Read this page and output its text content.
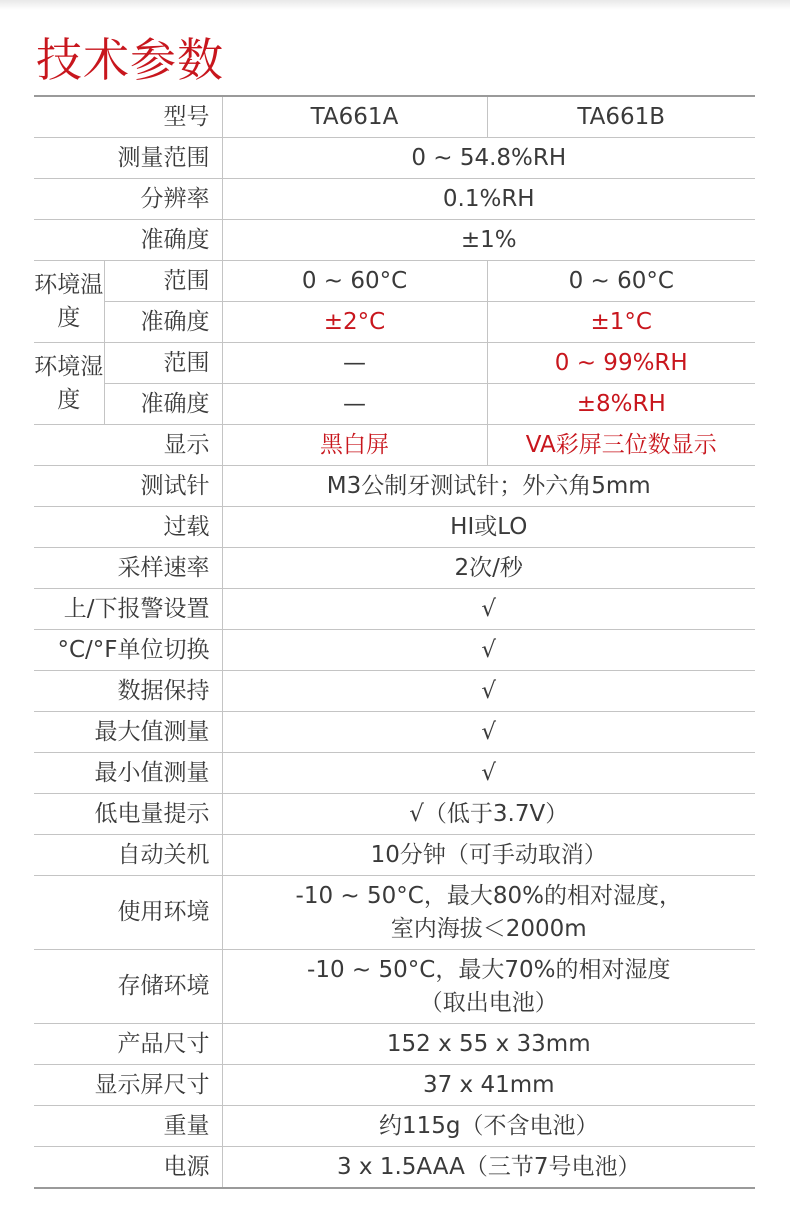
技术参数
型号		TA661A	TA661B
测量范围		0 ~ 54.8%RH	
分辨率		0.1%RH	
准确度		±1%	
环境温度	范围	0 ~ 60°C	0 ~ 60°C
	准确度	±2°C	±1°C
环境湿度	范围	—	0 ~ 99%RH
	准确度	—	±8%RH
显示		黑白屏	VA彩屏三位数显示
测试针		M3公制牙测试针；外六角5mm	
过载		HI或LO	
采样速率		2次/秒	
上/下报警设置		√	
°C/°F单位切换		√	
数据保持		√	
最大值测量		√	
最小值测量		√	
低电量提示		√（低于3.7V）	
自动关机		10分钟（可手动取消）	
使用环境		-10 ~ 50°C，最大80%的相对湿度，
室内海拔＜2000m	

存储环境		-10 ~ 50°C，最大70%的相对湿度
（取出电池）	

产品尺寸		152 x 55 x 33mm	
显示屏尺寸		37 x 41mm	
重量		约115g（不含电池）	
电源		3 x 1.5AAA（三节7号电池）	
